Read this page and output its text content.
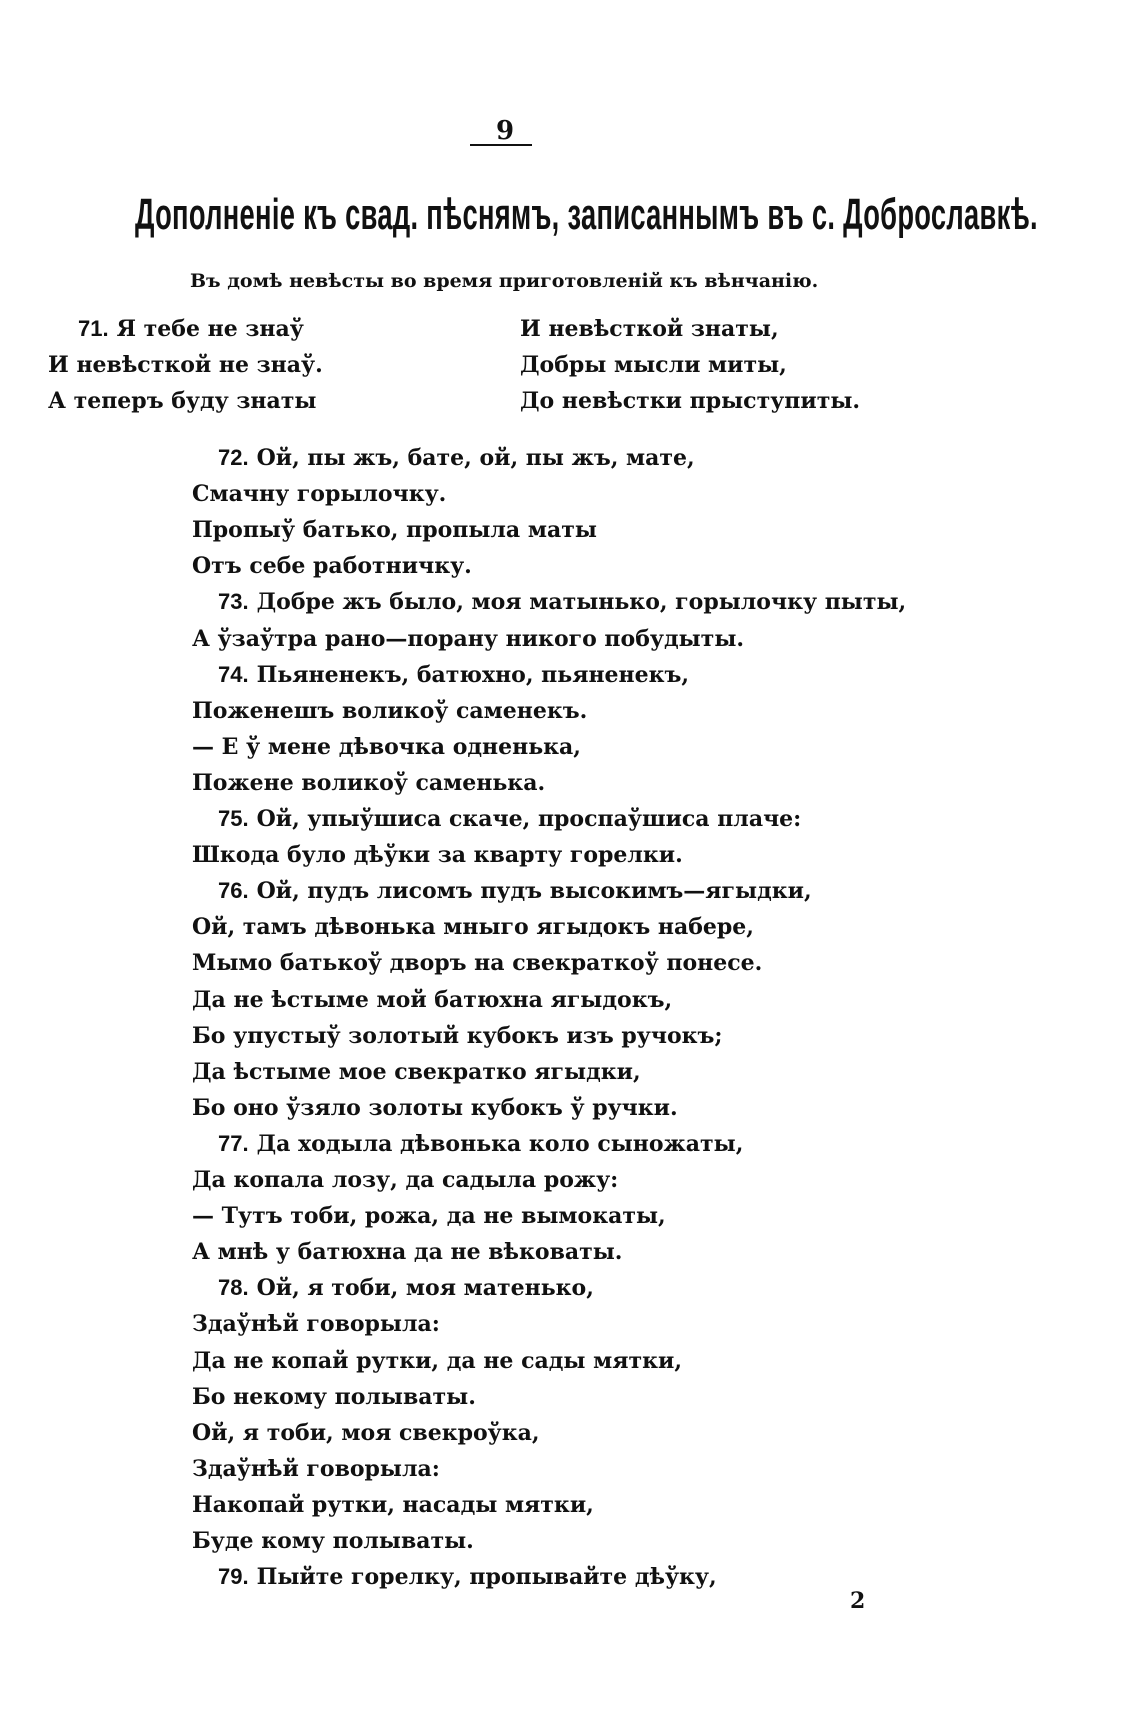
9
Дополненіе къ свад. пѣснямъ, записаннымъ въ с. Доброславкѣ.
Въ домѣ невѣсты во время приготовленій къ вѣнчанію.
71. Я тебе не знаў
И невѣсткой не знаў.
А теперъ буду знаты
И невѣсткой знаты,
Добры мысли миты,
До невѣстки прыступиты.
72. Ой, пы жъ, бате, ой, пы жъ, мате,
Смачну горылочку.
Пропыў батько, пропыла маты
Отъ себе работничку.
73. Добре жъ было, моя матынько, горылочку пыты,
А ўзаўтра рано—порану никого побудыты.
74. Пьяненекъ, батюхно, пьяненекъ,
Поженешъ воликоў саменекъ.
— Е ў мене дѣвочка одненька,
Пожене воликоў саменька.
75. Ой, упыўшиса скаче, проспаўшиса плаче:
Шкода було дѣўки за кварту горелки.
76. Ой, пудъ лисомъ пудъ высокимъ—ягыдки,
Ой, тамъ дѣвонька мныго ягыдокъ наберe,
Мымо батькоў дворъ на свекраткоў понесе.
Да не ѣстыме мой батюхна ягыдокъ,
Бо упустыў золотый кубокъ изъ ручокъ;
Да ѣстыме мое свекратко ягыдки,
Бо оно ўзяло золоты кубокъ ў ручки.
77. Да ходыла дѣвонька коло сыножаты,
Да копала лозу, да садыла рожу:
— Тутъ тоби, рожа, да не вымокаты,
А мнѣ у батюхна да не вѣковаты.
78. Ой, я тоби, моя матенько,
Здаўнѣй говорыла:
Да не копай рутки, да не сады мятки,
Бо некому полываты.
Ой, я тоби, моя свекроўка,
Здаўнѣй говорыла:
Накопай рутки, насады мятки,
Буде кому полываты.
79. Пыйте горелку, пропывайте дѣўку,
2
